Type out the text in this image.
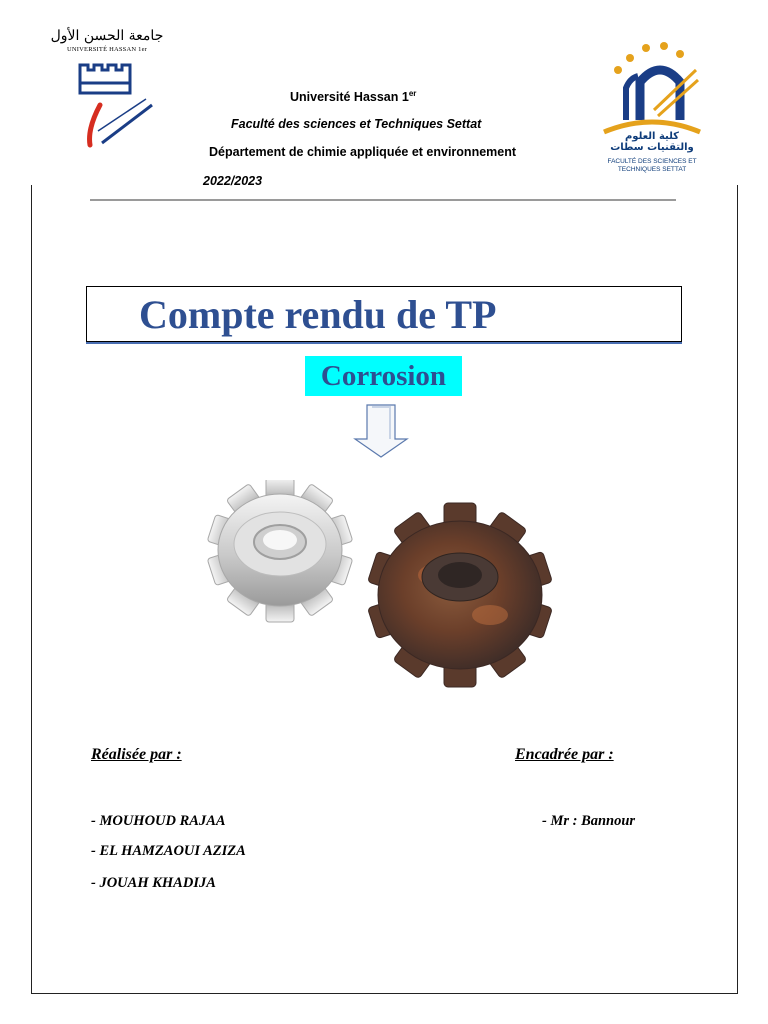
جامعة الحسن الأول
UNIVERSITÉ HASSAN 1er
كلية العلوم والتقنيات سطات
FACULTÉ DES SCIENCES ET TECHNIQUES SETTAT
Université Hassan 1er
Faculté des sciences et Techniques Settat
Département de chimie appliquée et environnement
2022/2023
Compte rendu de TP
Corrosion
Réalisée par :	Encadrée par :
- MOUHOUD RAJAA
- EL HAMZAOUI AZIZA
- JOUAH KHADIJA
- Mr : Bannour
